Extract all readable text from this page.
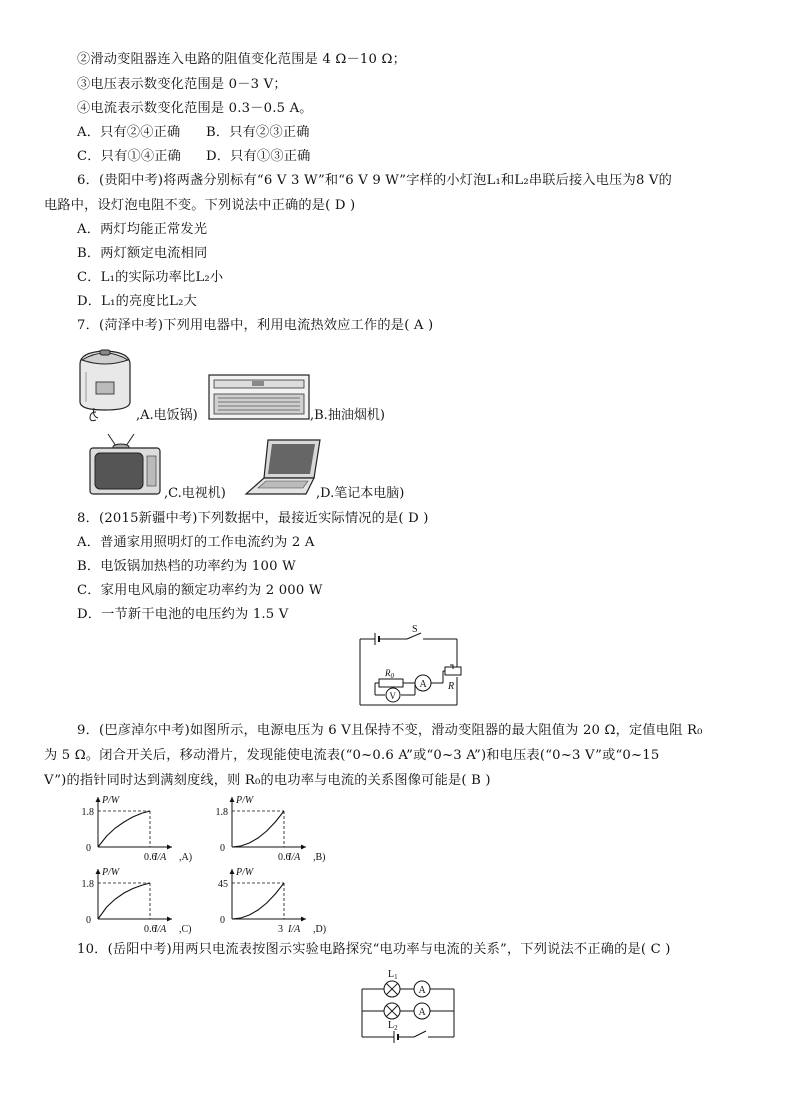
②滑动变阻器连入电路的阻值变化范围是 4 Ω－10 Ω；
③电压表示数变化范围是 0－3 V；
④电流表示数变化范围是 0.3－0.5 A。
A．只有②④正确 B．只有②③正确
C．只有①④正确 D．只有①③正确
6．(贵阳中考)将两盏分别标有“6 V 3 W”和“6 V 9 W”字样的小灯泡L₁和L₂串联后接入电压为8 V的
电路中，设灯泡电阻不变。下列说法中正确的是( D )
A．两灯均能正常发光
B．两灯额定电流相同
C．L₁的实际功率比L₂小
D．L₁的亮度比L₂大
7．(菏泽中考)下列用电器中，利用电流热效应工作的是( A )
,A.电饭锅)	,B.抽油烟机)
,C.电视机)	,D.笔记本电脑)
8．(2015新疆中考)下列数据中，最接近实际情况的是( D )
A．普通家用照明灯的工作电流约为 2 A
B．电饭锅加热档的功率约为 100 W
C．家用电风扇的额定功率约为 2 000 W
D．一节新干电池的电压约为 1.5 V
S
$R_0$
A
V
R
9．(巴彦淖尔中考)如图所示，电源电压为 6 V且保持不变，滑动变阻器的最大阻值为 20 Ω，定值电阻 R₀
为 5 Ω。闭合开关后，移动滑片，发现能使电流表(“0~0.6 A”或“0~3 A”)和电压表(“0~3 V”或“0~15
V”)的指针同时达到满刻度线，则 R₀的电功率与电流的关系图像可能是( B )
P/W
1.8
0
0.6
I/A ,A)
P/W
1.8
0
0.6
I/A ,B)
P/W
1.8
0
0.6
I/A ,C)
P/W
45
0
3 I/A ,D)
10．(岳阳中考)用两只电流表按图示实验电路探究“电功率与电流的关系”，下列说法不正确的是( C )
$L_1$
$L_2$
A
A
